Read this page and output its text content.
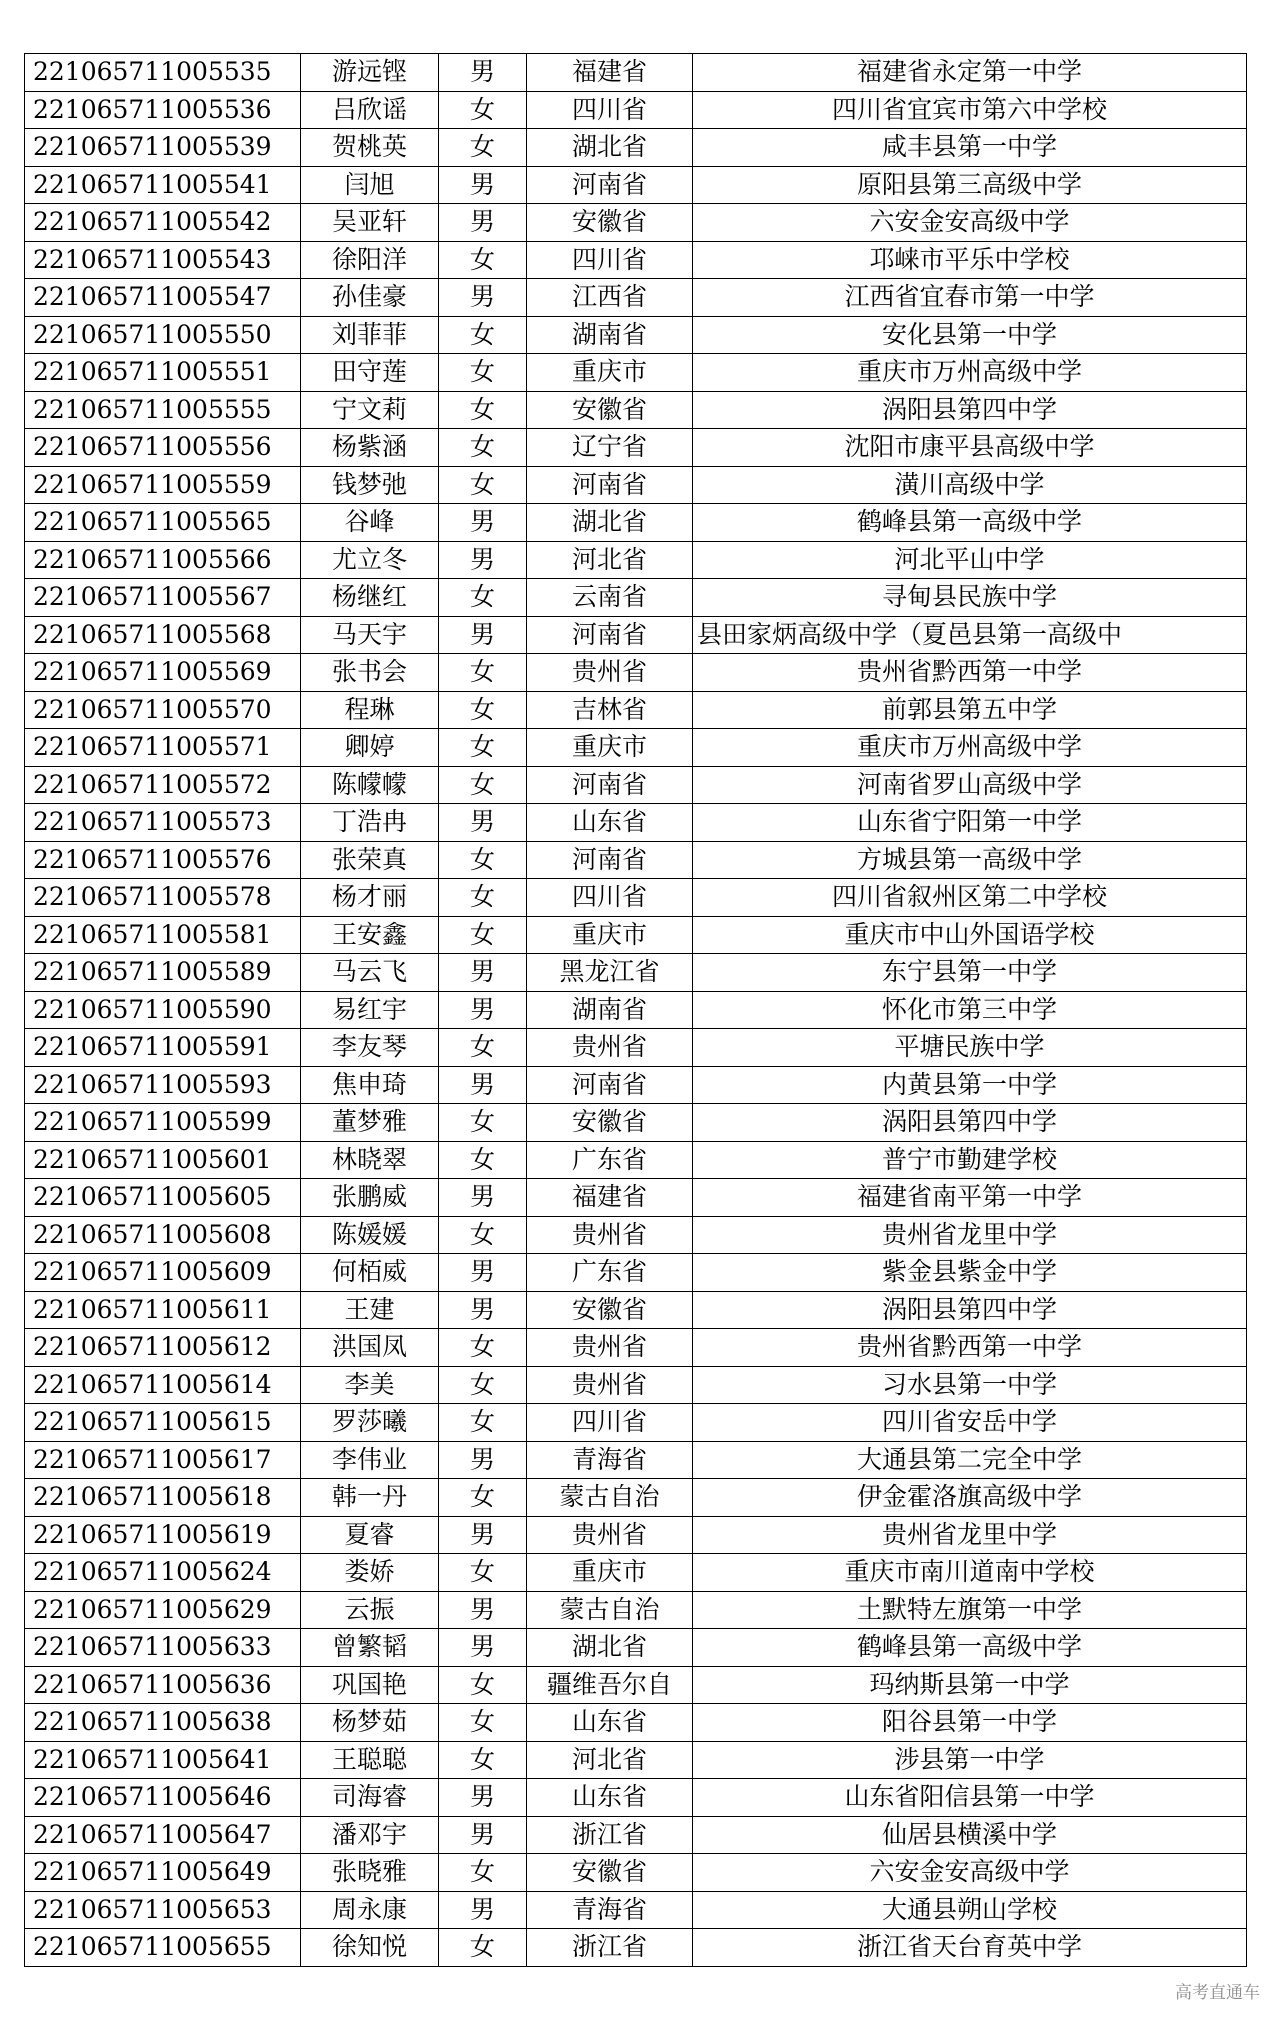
221065711005535	游远铿	男	福建省	福建省永定第一中学
221065711005536	吕欣谣	女	四川省	四川省宜宾市第六中学校
221065711005539	贺桃英	女	湖北省	咸丰县第一中学
221065711005541	闫旭	男	河南省	原阳县第三高级中学
221065711005542	吴亚轩	男	安徽省	六安金安高级中学
221065711005543	徐阳洋	女	四川省	邛崃市平乐中学校
221065711005547	孙佳豪	男	江西省	江西省宜春市第一中学
221065711005550	刘菲菲	女	湖南省	安化县第一中学
221065711005551	田守莲	女	重庆市	重庆市万州高级中学
221065711005555	宁文莉	女	安徽省	涡阳县第四中学
221065711005556	杨紫涵	女	辽宁省	沈阳市康平县高级中学
221065711005559	钱梦弛	女	河南省	潢川高级中学
221065711005565	谷峰	男	湖北省	鹤峰县第一高级中学
221065711005566	尤立冬	男	河北省	河北平山中学
221065711005567	杨继红	女	云南省	寻甸县民族中学
221065711005568	马天宇	男	河南省	县田家炳高级中学（夏邑县第一高级中
221065711005569	张书会	女	贵州省	贵州省黔西第一中学
221065711005570	程琳	女	吉林省	前郭县第五中学
221065711005571	卿婷	女	重庆市	重庆市万州高级中学
221065711005572	陈幪幪	女	河南省	河南省罗山高级中学
221065711005573	丁浩冉	男	山东省	山东省宁阳第一中学
221065711005576	张荣真	女	河南省	方城县第一高级中学
221065711005578	杨才丽	女	四川省	四川省叙州区第二中学校
221065711005581	王安鑫	女	重庆市	重庆市中山外国语学校
221065711005589	马云飞	男	黑龙江省	东宁县第一中学
221065711005590	易红宇	男	湖南省	怀化市第三中学
221065711005591	李友琴	女	贵州省	平塘民族中学
221065711005593	焦申琦	男	河南省	内黄县第一中学
221065711005599	董梦雅	女	安徽省	涡阳县第四中学
221065711005601	林晓翠	女	广东省	普宁市勤建学校
221065711005605	张鹏威	男	福建省	福建省南平第一中学
221065711005608	陈媛媛	女	贵州省	贵州省龙里中学
221065711005609	何栢威	男	广东省	紫金县紫金中学
221065711005611	王建	男	安徽省	涡阳县第四中学
221065711005612	洪国凤	女	贵州省	贵州省黔西第一中学
221065711005614	李美	女	贵州省	习水县第一中学
221065711005615	罗莎曦	女	四川省	四川省安岳中学
221065711005617	李伟业	男	青海省	大通县第二完全中学
221065711005618	韩一丹	女	蒙古自治	伊金霍洛旗高级中学
221065711005619	夏睿	男	贵州省	贵州省龙里中学
221065711005624	娄娇	女	重庆市	重庆市南川道南中学校
221065711005629	云振	男	蒙古自治	土默特左旗第一中学
221065711005633	曾繁韬	男	湖北省	鹤峰县第一高级中学
221065711005636	巩国艳	女	疆维吾尔自	玛纳斯县第一中学
221065711005638	杨梦茹	女	山东省	阳谷县第一中学
221065711005641	王聪聪	女	河北省	涉县第一中学
221065711005646	司海睿	男	山东省	山东省阳信县第一中学
221065711005647	潘邓宇	男	浙江省	仙居县横溪中学
221065711005649	张晓雅	女	安徽省	六安金安高级中学
221065711005653	周永康	男	青海省	大通县朔山学校
221065711005655	徐知悦	女	浙江省	浙江省天台育英中学
高考直通车
